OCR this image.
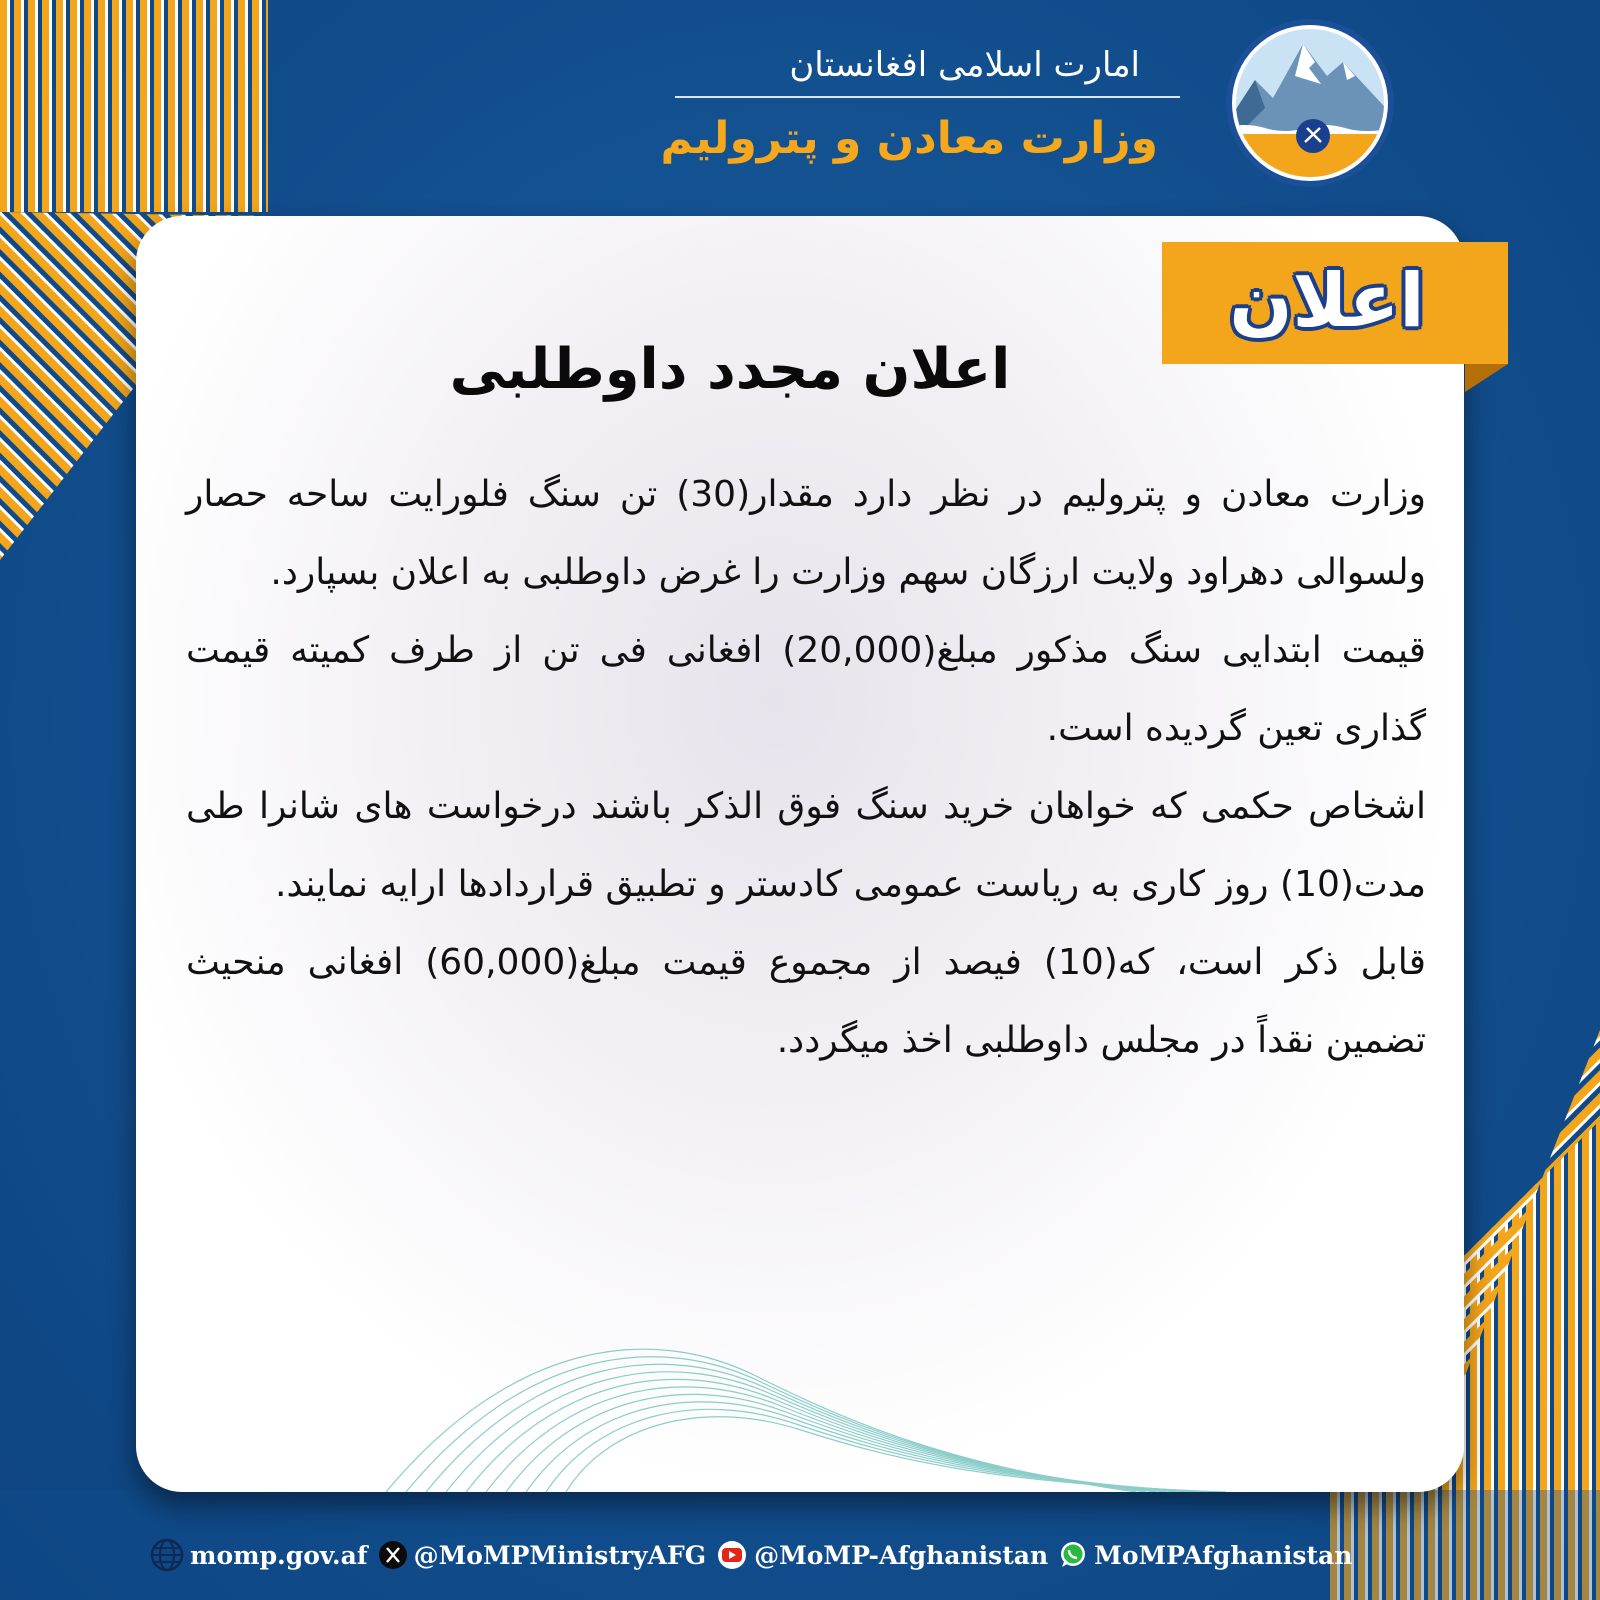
امارت اسلامی افغانستان
وزارت معادن و پترولیم
اعلان
اعلان مجدد داوطلبی

وزارت معادن و پترولیم در نظر دارد مقدار(30) تن سنگ فلورایت ساحه حصار ولسوالی دهراود ولایت ارزگان سهم وزارت را غرض داوطلبی به اعلان بسپارد.

قیمت ابتدایی سنگ مذکور مبلغ(20,000) افغانی فی تن از طرف کمیته قیمت گذاری تعین گردیده است.

اشخاص حکمی که خواهان خرید سنگ فوق الذکر باشند درخواست های شانرا طی مدت(10) روز کاری به ریاست عمومی کادستر و تطبیق قراردادها ارایه نمایند.

قابل ذکر است، که(10) فیصد از مجموع قیمت مبلغ(60,000) افغانی منحیث تضمین نقداً در مجلس داوطلبی اخذ میگردد.

momp.gov.af @MoMPMinistryAFG @MoMP-Afghanistan MoMPAfghanistan
